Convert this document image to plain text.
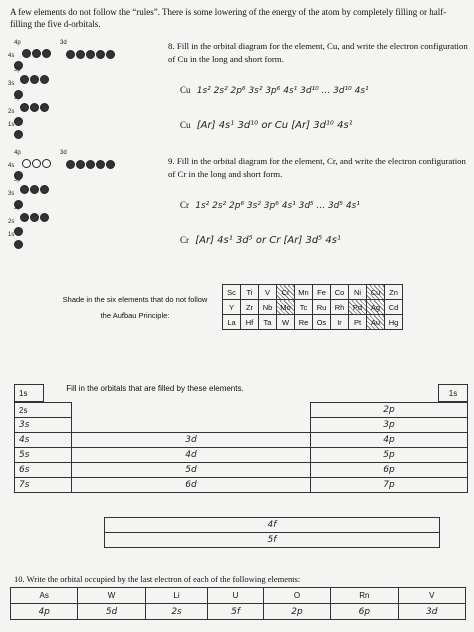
A few elements do not follow the “rules”. There is some lowering of the energy of the atom by completely filling or half-filling the five d-orbitals.
4p	3d
4s
3p
3s
2p
2s
1s
8. Fill in the orbital diagram for the element, Cu, and write the electron configuration of Cu in the long and short form.
Cu 1s² 2s² 2p⁶ 3s² 3p⁶ 4s¹ 3d¹⁰ ... 3d¹⁰ 4s¹
Cu [Ar] 4s¹ 3d¹⁰ or Cu [Ar] 3d¹⁰ 4s¹
4p	3d
4s
3p
3s
2p
2s
1s
9. Fill in the orbital diagram for the element, Cr, and write the electron configuration of Cr in the long and short form.
Cr 1s² 2s² 2p⁶ 3s² 3p⁶ 4s¹ 3d⁵ ... 3d⁵ 4s¹
Cr [Ar] 4s¹ 3d⁵ or Cr [Ar] 3d⁵ 4s¹
Shade in the six elements that do not follow the Aufbau Principle:
Sc	Ti	V	Cr	Mn	Fe	Co	Ni	Cu	Zn
Y	Zr	Nb	Mo	Tc	Ru	Rh	Pd	Ag	Cd
La	Hf	Ta	W	Re	Os	Ir	Pt	Au	Hg
Fill in the orbitals that are filled by these elements.
1s
2s		2p
3s		3p
4s	3d	4p
5s	4d	5p
6s	5d	6p
7s	6d	7p
1s
4f
5f
10. Write the orbital occupied by the last electron of each of the following elements:
As	W	Li	U	O	Rn	V
4p	5d	2s	5f	2p	6p	3d
